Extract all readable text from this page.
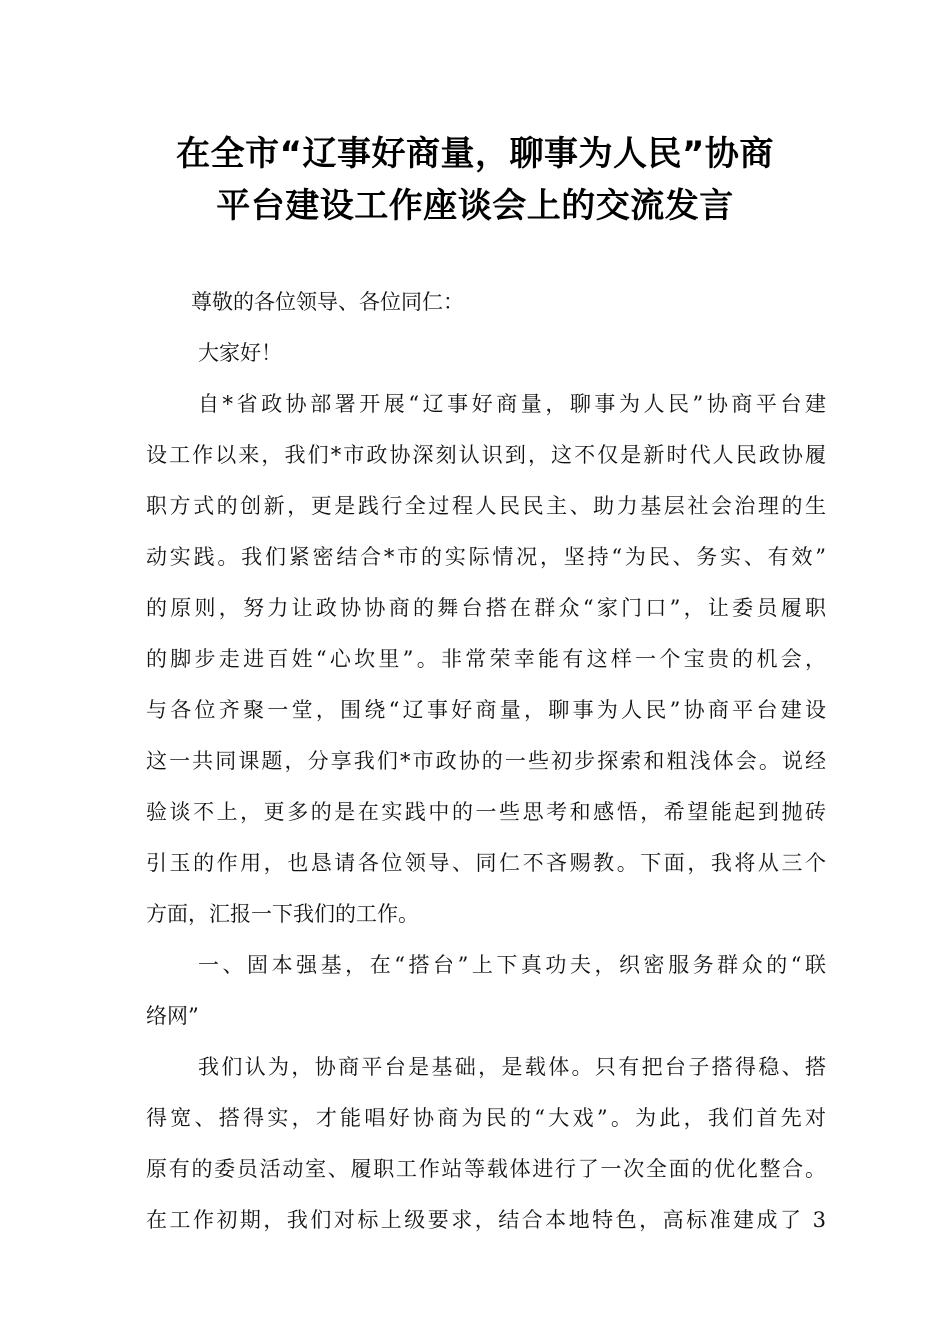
在全市“辽事好商量，聊事为人民”协商
平台建设工作座谈会上的交流发言
尊敬的各位领导、各位同仁：
大家好！
自*省政协部署开展“辽事好商量，聊事为人民”协商平台建
设工作以来，我们*市政协深刻认识到，这不仅是新时代人民政协履
职方式的创新，更是践行全过程人民民主、助力基层社会治理的生
动实践。我们紧密结合*市的实际情况，坚持“为民、务实、有效”
的原则，努力让政协协商的舞台搭在群众“家门口”，让委员履职
的脚步走进百姓“心坎里”。非常荣幸能有这样一个宝贵的机会，
与各位齐聚一堂，围绕“辽事好商量，聊事为人民”协商平台建设
这一共同课题，分享我们*市政协的一些初步探索和粗浅体会。说经
验谈不上，更多的是在实践中的一些思考和感悟，希望能起到抛砖
引玉的作用，也恳请各位领导、同仁不吝赐教。下面，我将从三个
方面，汇报一下我们的工作。
一、固本强基，在“搭台”上下真功夫，织密服务群众的“联
络网”
我们认为，协商平台是基础，是载体。只有把台子搭得稳、搭
得宽、搭得实，才能唱好协商为民的“大戏”。为此，我们首先对
原有的委员活动室、履职工作站等载体进行了一次全面的优化整合。
在工作初期，我们对标上级要求，结合本地特色，高标准建成了 3
